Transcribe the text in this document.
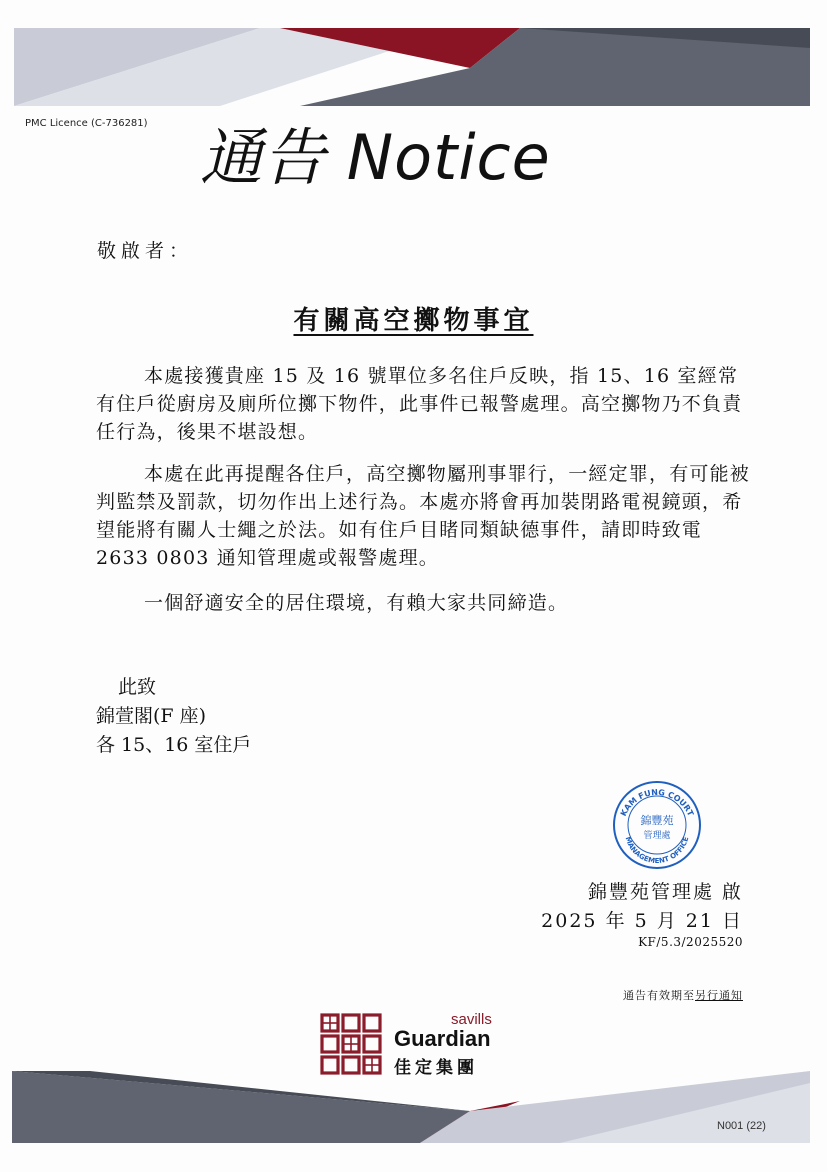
PMC Licence (C-736281) 通告 Notice
敬啟者：
有關高空擲物事宜

本處接獲貴座 15 及 16 號單位多名住戶反映，指 15、16 室經常有住戶從廚房及廁所位擲下物件，此事件已報警處理。高空擲物乃不負責任行為，後果不堪設想。

本處在此再提醒各住戶，高空擲物屬刑事罪行，一經定罪，有可能被判監禁及罰款，切勿作出上述行為。本處亦將會再加裝閉路電視鏡頭，希望能將有關人士繩之於法。如有住戶目睹同類缺德事件，請即時致電 2633 0803 通知管理處或報警處理。

一個舒適安全的居住環境，有賴大家共同締造。

此致
錦萱閣(F 座)
各 15、16 室住戶
KAM FUNG COURT
MANAGEMENT OFFICE
錦豐苑
管理處
錦豐苑管理處 啟
2025 年 5 月 21 日
KF/5.3/2025520
通告有效期至另行通知
savills
Guardian
佳定集團
N001 (22)
